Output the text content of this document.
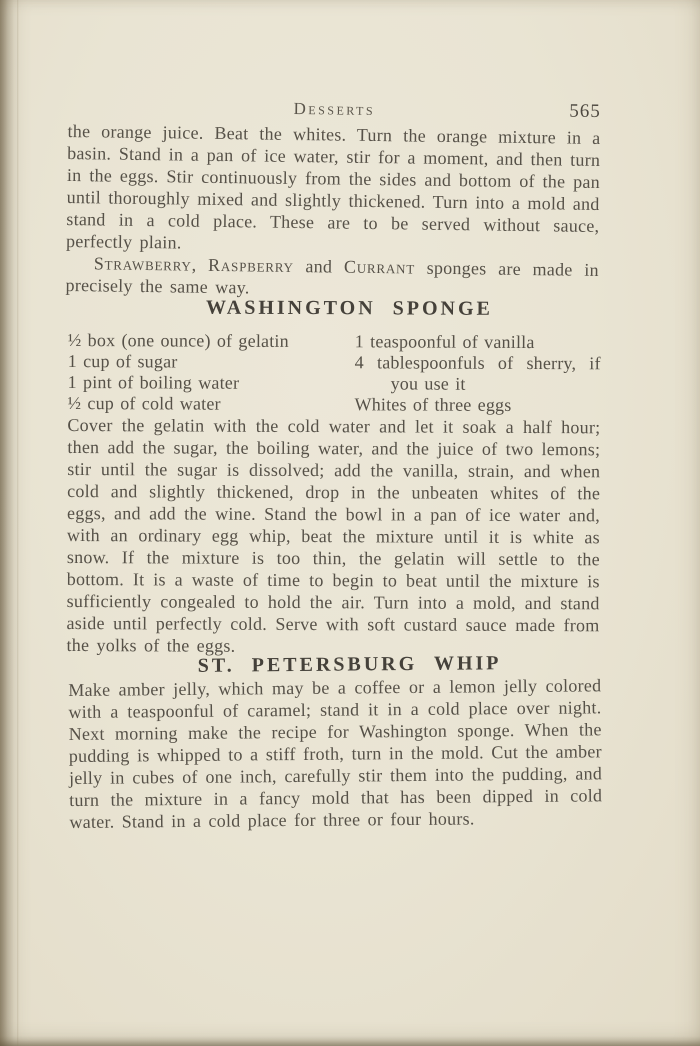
Desserts	565

the orange juice. Beat the whites. Turn the orange mixture in a basin. Stand in a pan of ice water, stir for a moment, and then turn in the eggs. Stir continuously from the sides and bottom of the pan until thoroughly mixed and slightly thickened. Turn into a mold and stand in a cold place. These are to be served without sauce, perfectly plain.

Strawberry, Raspberry and Currant sponges are made in precisely the same way.

WASHINGTON SPONGE
½ box (one ounce) of gelatin
1 cup of sugar
1 pint of boiling water
½ cup of cold water
1 teaspoonful of vanilla
4 tablespoonfuls of sherry, if you use it
Whites of three eggs

Cover the gelatin with the cold water and let it soak a half hour; then add the sugar, the boiling water, and the juice of two lemons; stir until the sugar is dissolved; add the vanilla, strain, and when cold and slightly thickened, drop in the unbeaten whites of the eggs, and add the wine. Stand the bowl in a pan of ice water and, with an ordinary egg whip, beat the mixture until it is white as snow. If the mixture is too thin, the gelatin will settle to the bottom. It is a waste of time to begin to beat until the mixture is sufficiently congealed to hold the air. Turn into a mold, and stand aside until perfectly cold. Serve with soft custard sauce made from the yolks of the eggs.

ST. PETERSBURG WHIP

Make amber jelly, which may be a coffee or a lemon jelly colored with a teaspoonful of caramel; stand it in a cold place over night. Next morning make the recipe for Washington sponge. When the pudding is whipped to a stiff froth, turn in the mold. Cut the amber jelly in cubes of one inch, carefully stir them into the pudding, and turn the mixture in a fancy mold that has been dipped in cold water. Stand in a cold place for three or four hours.
